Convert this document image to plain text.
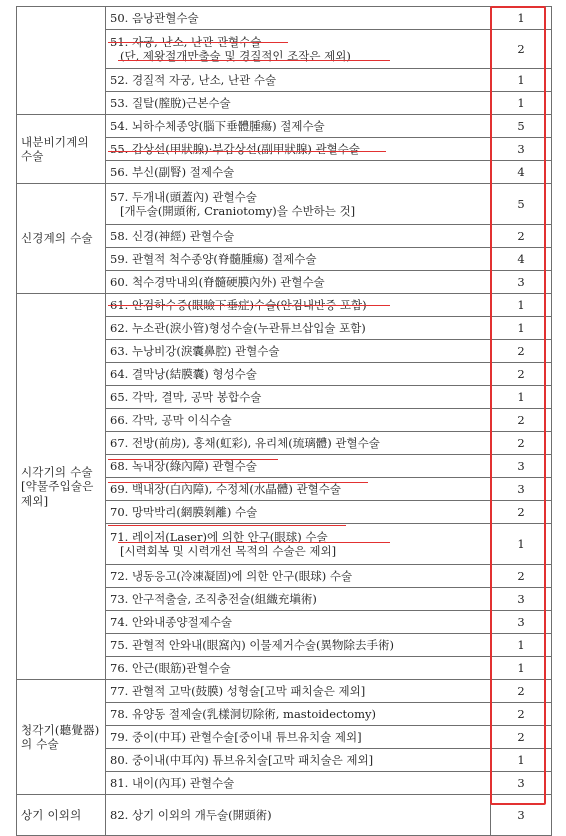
	50. 음낭관혈수술	1
	51. 자궁, 난소, 난관 관혈수술
(단, 제왕절개만출술 및 경질적인 조작은 제외)	2
	52. 경질적 자궁, 난소, 난관 수술	1
	53. 질탈(膣脫)근본수술	1
내분비기계의 수술	54. 뇌하수체종양(腦下垂體腫瘍) 절제수술	5
	55. 갑상선(甲狀腺)·부갑상선(副甲狀腺) 관혈수술	3
	56. 부신(副腎) 절제수술	4
신경계의 수술	57. 두개내(頭蓋內) 관혈수술
[개두술(開頭術, Craniotomy)을 수반하는 것]	5
	58. 신경(神經) 관혈수술	2
	59. 관혈적 척수종양(脊髓腫瘍) 절제수술	4
	60. 척수경막내외(脊髓硬膜內外) 관혈수술	3
시각기의 수술[약물주입술은 제외]	61. 안검하수증(眼瞼下垂症)수술(안검내반증 포함)	1
	62. 누소관(淚小管)형성수술(누관튜브삽입술 포함)	1
	63. 누낭비강(淚囊鼻腔) 관혈수술	2
	64. 결막낭(結膜囊) 형성수술	2
	65. 각막, 결막, 공막 봉합수술	1
	66. 각막, 공막 이식수술	2
	67. 전방(前房), 홍채(虹彩), 유리체(琉璃體) 관혈수술	2
	68. 녹내장(綠內障) 관혈수술	3
	69. 백내장(白內障), 수정체(水晶體) 관혈수술	3
	70. 망막박리(網膜剝離) 수술	2
	71. 레이저(Laser)에 의한 안구(眼球) 수술
[시력회복 및 시력개선 목적의 수술은 제외]	1
	72. 냉동응고(冷凍凝固)에 의한 안구(眼球) 수술	2
	73. 안구적출술, 조직충전술(組織充塡術)	3
	74. 안와내종양절제수술	3
	75. 관혈적 안와내(眼窩內) 이물제거수술(異物除去手術)	1
	76. 안근(眼筋)관혈수술	1
청각기(聽覺器)의 수술	77. 관혈적 고막(鼓膜) 성형술[고막 패치술은 제외]	2
	78. 유양동 절제술(乳樣洞切除術, mastoidectomy)	2
	79. 중이(中耳) 관혈수술[중이내 튜브유치술 제외]	2
	80. 중이내(中耳內) 튜브유치술[고막 패치술은 제외]	1
	81. 내이(內耳) 관혈수술	3
상기 이외의	82. 상기 이외의 개두술(開頭術)	3
